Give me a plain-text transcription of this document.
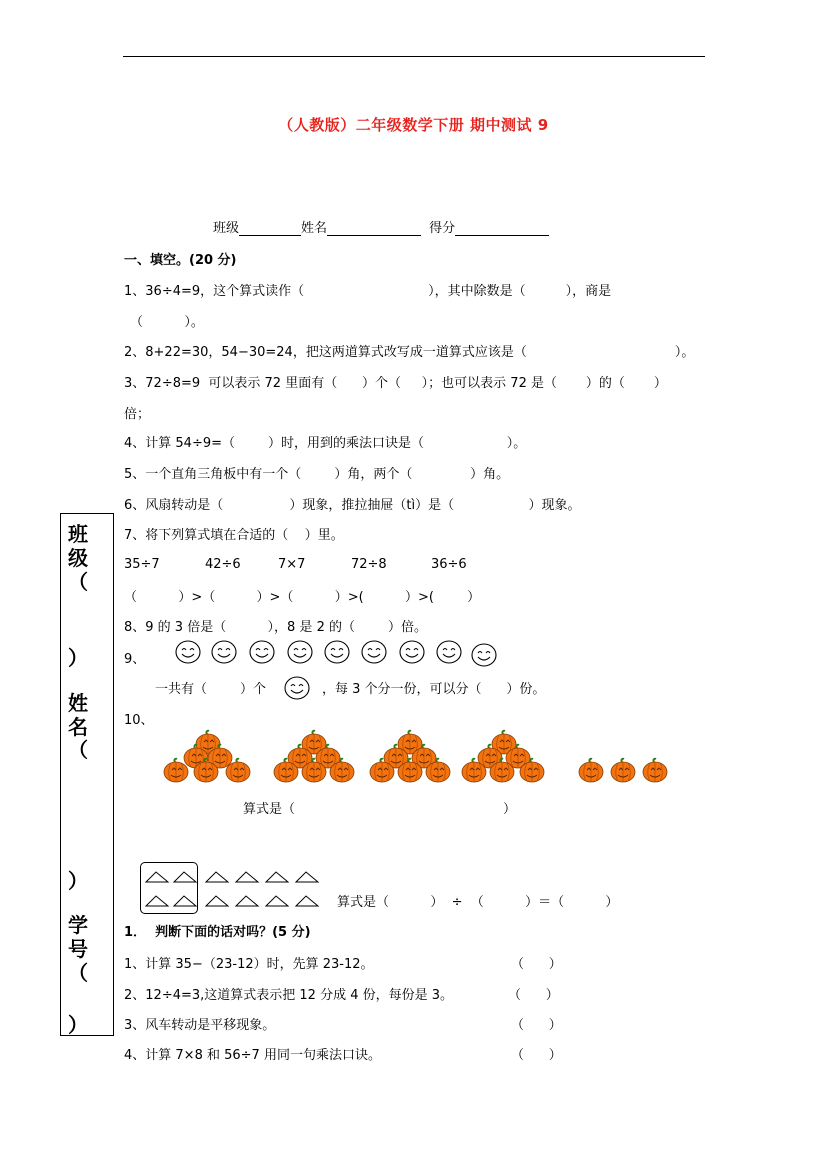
（人教版）二年级数学下册 期中测试 9
班级	姓名	得分
一、填空。(20 分)
1、36÷4=9，这个算式读作（	），其中除数是（	），商是
（          ）。
2、8+22=30，54−30=24，把这两道算式改写成一道算式应该是（	）。
3、72÷8=9  可以表示 72 里面有（      ）个（     ）；也可以表示 72 是（       ）的（       ）
倍；
4、计算 54÷9=（        ）时，用到的乘法口诀是（                    ）。
5、一个直角三角板中有一个（        ）角，两个（              ）角。
6、风扇转动是（                ）现象，推拉抽屉（tì）是（                  ）现象。
7、将下列算式填在合适的（    ）里。
35÷7	42÷6	7×7	72÷8	36÷6
（          ）>（          ）>（          ）>(          ）>(        ）
8、9 的 3 倍是（          ），8 是 2 的（        ）倍。
9、
一共有（        ）个	，每 3 个分一份，可以分（      ）份。
10、
算式是（	）
算式是（          ）  ÷  （          ）＝（          ）
1．  判断下面的话对吗？(5 分)
1、计算 35−（23-12）时，先算 23-12。	（      ）
2、12÷4=3,这道算式表示把 12 分成 4 份，每份是 3。	（      ）
3、风车转动是平移现象。	（      ）
4、计算 7×8 和 56÷7 用同一句乘法口诀。	（      ）
班
级
（
）
姓
名
（
）
学
号
（
）
